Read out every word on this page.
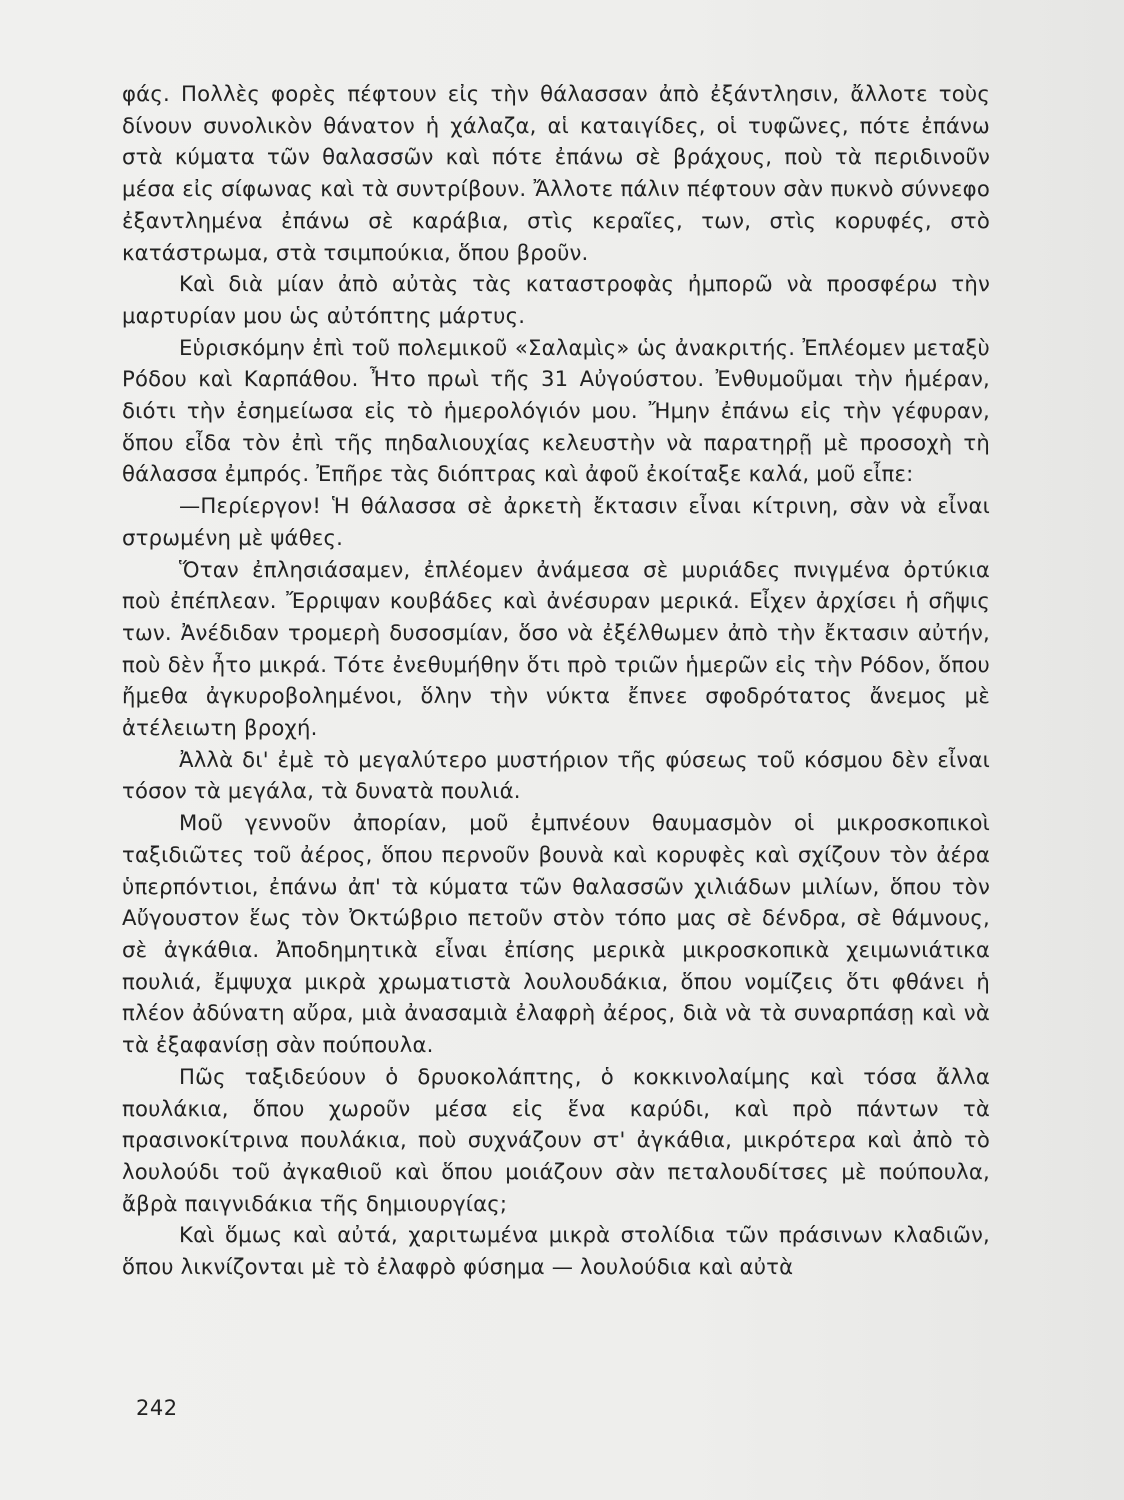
φάς. Πολλὲς φορὲς πέφτουν εἰς τὴν θάλασσαν ἀπὸ ἐξάντλησιν, ἄλλοτε τοὺς δίνουν συνολικὸν θάνατον ἡ χάλαζα, αἱ καταιγίδες, οἱ τυφῶνες, πότε ἐπάνω στὰ κύματα τῶν θαλασσῶν καὶ πότε ἐπάνω σὲ βράχους, ποὺ τὰ περιδινοῦν μέσα εἰς σίφωνας καὶ τὰ συντρίβουν. Ἄλλοτε πάλιν πέφτουν σὰν πυκνὸ σύννεφο ἐξαντλημένα ἐπάνω σὲ καράβια, στὶς κεραῖες, των, στὶς κορυφές, στὸ κατάστρωμα, στὰ τσιμπούκια, ὅπου βροῦν.

Καὶ διὰ μίαν ἀπὸ αὐτὰς τὰς καταστροφὰς ἠμπορῶ νὰ προσφέρω τὴν μαρτυρίαν μου ὡς αὐτόπτης μάρτυς.

Εὑρισκόμην ἐπὶ τοῦ πολεμικοῦ «Σαλαμὶς» ὡς ἀνακριτής. Ἐπλέομεν μεταξὺ Ρόδου καὶ Καρπάθου. Ἦτο πρωὶ τῆς 31 Αὐγούστου. Ἐνθυμοῦμαι τὴν ἡμέραν, διότι τὴν ἐσημείωσα εἰς τὸ ἡμερολόγιόν μου. Ἤμην ἐπάνω εἰς τὴν γέφυραν, ὅπου εἶδα τὸν ἐπὶ τῆς πηδαλιουχίας κελευστὴν νὰ παρατηρῇ μὲ προσοχὴ τὴ θάλασσα ἐμπρός. Ἐπῆρε τὰς διόπτρας καὶ ἀφοῦ ἐκοίταξε καλά, μοῦ εἶπε:

—Περίεργον! Ἡ θάλασσα σὲ ἀρκετὴ ἔκτασιν εἶναι κίτρινη, σὰν νὰ εἶναι στρωμένη μὲ ψάθες.

Ὅταν ἐπλησιάσαμεν, ἐπλέομεν ἀνάμεσα σὲ μυριάδες πνιγμένα ὀρτύκια ποὺ ἐπέπλεαν. Ἔρριψαν κουβάδες καὶ ἀνέσυραν μερικά. Εἶχεν ἀρχίσει ἡ σῆψις των. Ἀνέδιδαν τρομερὴ δυσοσμίαν, ὅσο νὰ ἐξέλθωμεν ἀπὸ τὴν ἔκτασιν αὐτήν, ποὺ δὲν ἦτο μικρά. Τότε ἐνεθυμήθην ὅτι πρὸ τριῶν ἡμερῶν εἰς τὴν Ρόδον, ὅπου ἤμεθα ἀγκυροβολημένοι, ὅλην τὴν νύκτα ἔπνεε σφοδρότατος ἄνεμος μὲ ἀτέλειωτη βροχή.

Ἀλλὰ δι' ἐμὲ τὸ μεγαλύτερο μυστήριον τῆς φύσεως τοῦ κόσμου δὲν εἶναι τόσον τὰ μεγάλα, τὰ δυνατὰ πουλιά.

Μοῦ γεννοῦν ἀπορίαν, μοῦ ἐμπνέουν θαυμασμὸν οἱ μικροσκοπικοὶ ταξιδιῶτες τοῦ ἀέρος, ὅπου περνοῦν βουνὰ καὶ κορυφὲς καὶ σχίζουν τὸν ἀέρα ὑπερπόντιοι, ἐπάνω ἀπ' τὰ κύματα τῶν θαλασσῶν χιλιάδων μιλίων, ὅπου τὸν Αὔγουστον ἕως τὸν Ὀκτώβριο πετοῦν στὸν τόπο μας σὲ δένδρα, σὲ θάμνους, σὲ ἀγκάθια. Ἀποδημητικὰ εἶναι ἐπίσης μερικὰ μικροσκοπικὰ χειμωνιάτικα πουλιά, ἔμψυχα μικρὰ χρωματιστὰ λουλουδάκια, ὅπου νομίζεις ὅτι φθάνει ἡ πλέον ἀδύνατη αὔρα, μιὰ ἀνασαμιὰ ἐλαφρὴ ἀέρος, διὰ νὰ τὰ συναρπάσῃ καὶ νὰ τὰ ἐξαφανίσῃ σὰν πούπουλα.

Πῶς ταξιδεύουν ὁ δρυοκολάπτης, ὁ κοκκινολαίμης καὶ τόσα ἄλλα πουλάκια, ὅπου χωροῦν μέσα εἰς ἕνα καρύδι, καὶ πρὸ πάντων τὰ πρασινοκίτρινα πουλάκια, ποὺ συχνάζουν στ' ἀγκάθια, μικρότερα καὶ ἀπὸ τὸ λουλούδι τοῦ ἀγκαθιοῦ καὶ ὅπου μοιάζουν σὰν πεταλουδίτσες μὲ πούπουλα, ἄβρὰ παιγνιδάκια τῆς δημιουργίας;

Καὶ ὅμως καὶ αὐτά, χαριτωμένα μικρὰ στολίδια τῶν πράσινων κλαδιῶν, ὅπου λικνίζονται μὲ τὸ ἐλαφρὸ φύσημα — λουλούδια καὶ αὐτὰ

242
